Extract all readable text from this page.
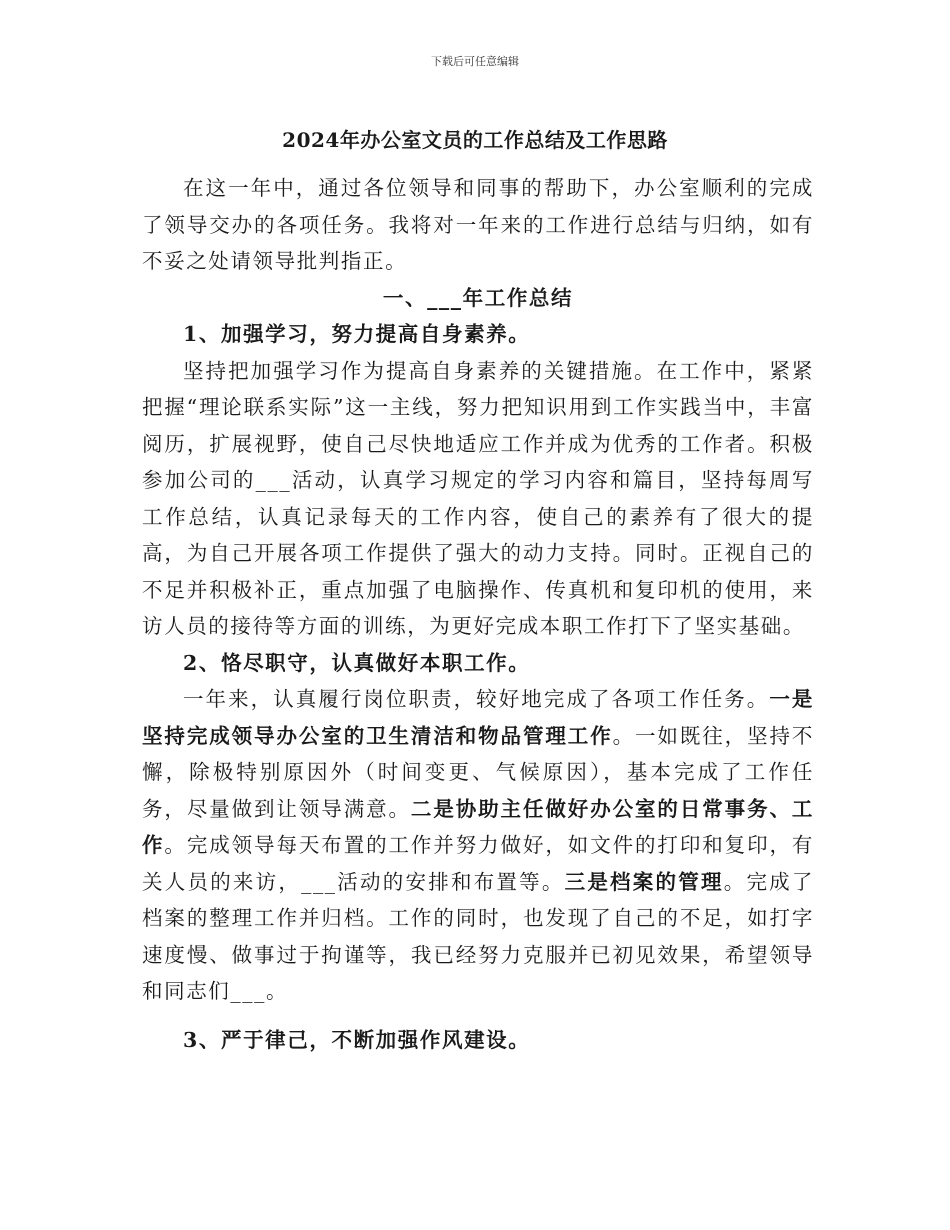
下载后可任意编辑
2024年办公室文员的工作总结及工作思路

在这一年中，通过各位领导和同事的帮助下，办公室顺利的完成了领导交办的各项任务。我将对一年来的工作进行总结与归纳，如有不妥之处请领导批判指正。

一、___年工作总结

1、加强学习，努力提高自身素养。

坚持把加强学习作为提高自身素养的关键措施。在工作中，紧紧把握“理论联系实际”这一主线，努力把知识用到工作实践当中，丰富阅历，扩展视野，使自己尽快地适应工作并成为优秀的工作者。积极参加公司的___活动，认真学习规定的学习内容和篇目，坚持每周写工作总结，认真记录每天的工作内容，使自己的素养有了很大的提高，为自己开展各项工作提供了强大的动力支持。同时。正视自己的不足并积极补正，重点加强了电脑操作、传真机和复印机的使用，来访人员的接待等方面的训练，为更好完成本职工作打下了坚实基础。

2、恪尽职守，认真做好本职工作。

一年来，认真履行岗位职责，较好地完成了各项工作任务。一是坚持完成领导办公室的卫生清洁和物品管理工作。一如既往，坚持不懈，除极特别原因外（时间变更、气候原因），基本完成了工作任务，尽量做到让领导满意。二是协助主任做好办公室的日常事务、工作。完成领导每天布置的工作并努力做好，如文件的打印和复印，有关人员的来访，___活动的安排和布置等。三是档案的管理。完成了档案的整理工作并归档。工作的同时，也发现了自己的不足，如打字速度慢、做事过于拘谨等，我已经努力克服并已初见效果，希望领导和同志们___。

3、严于律己，不断加强作风建设。
